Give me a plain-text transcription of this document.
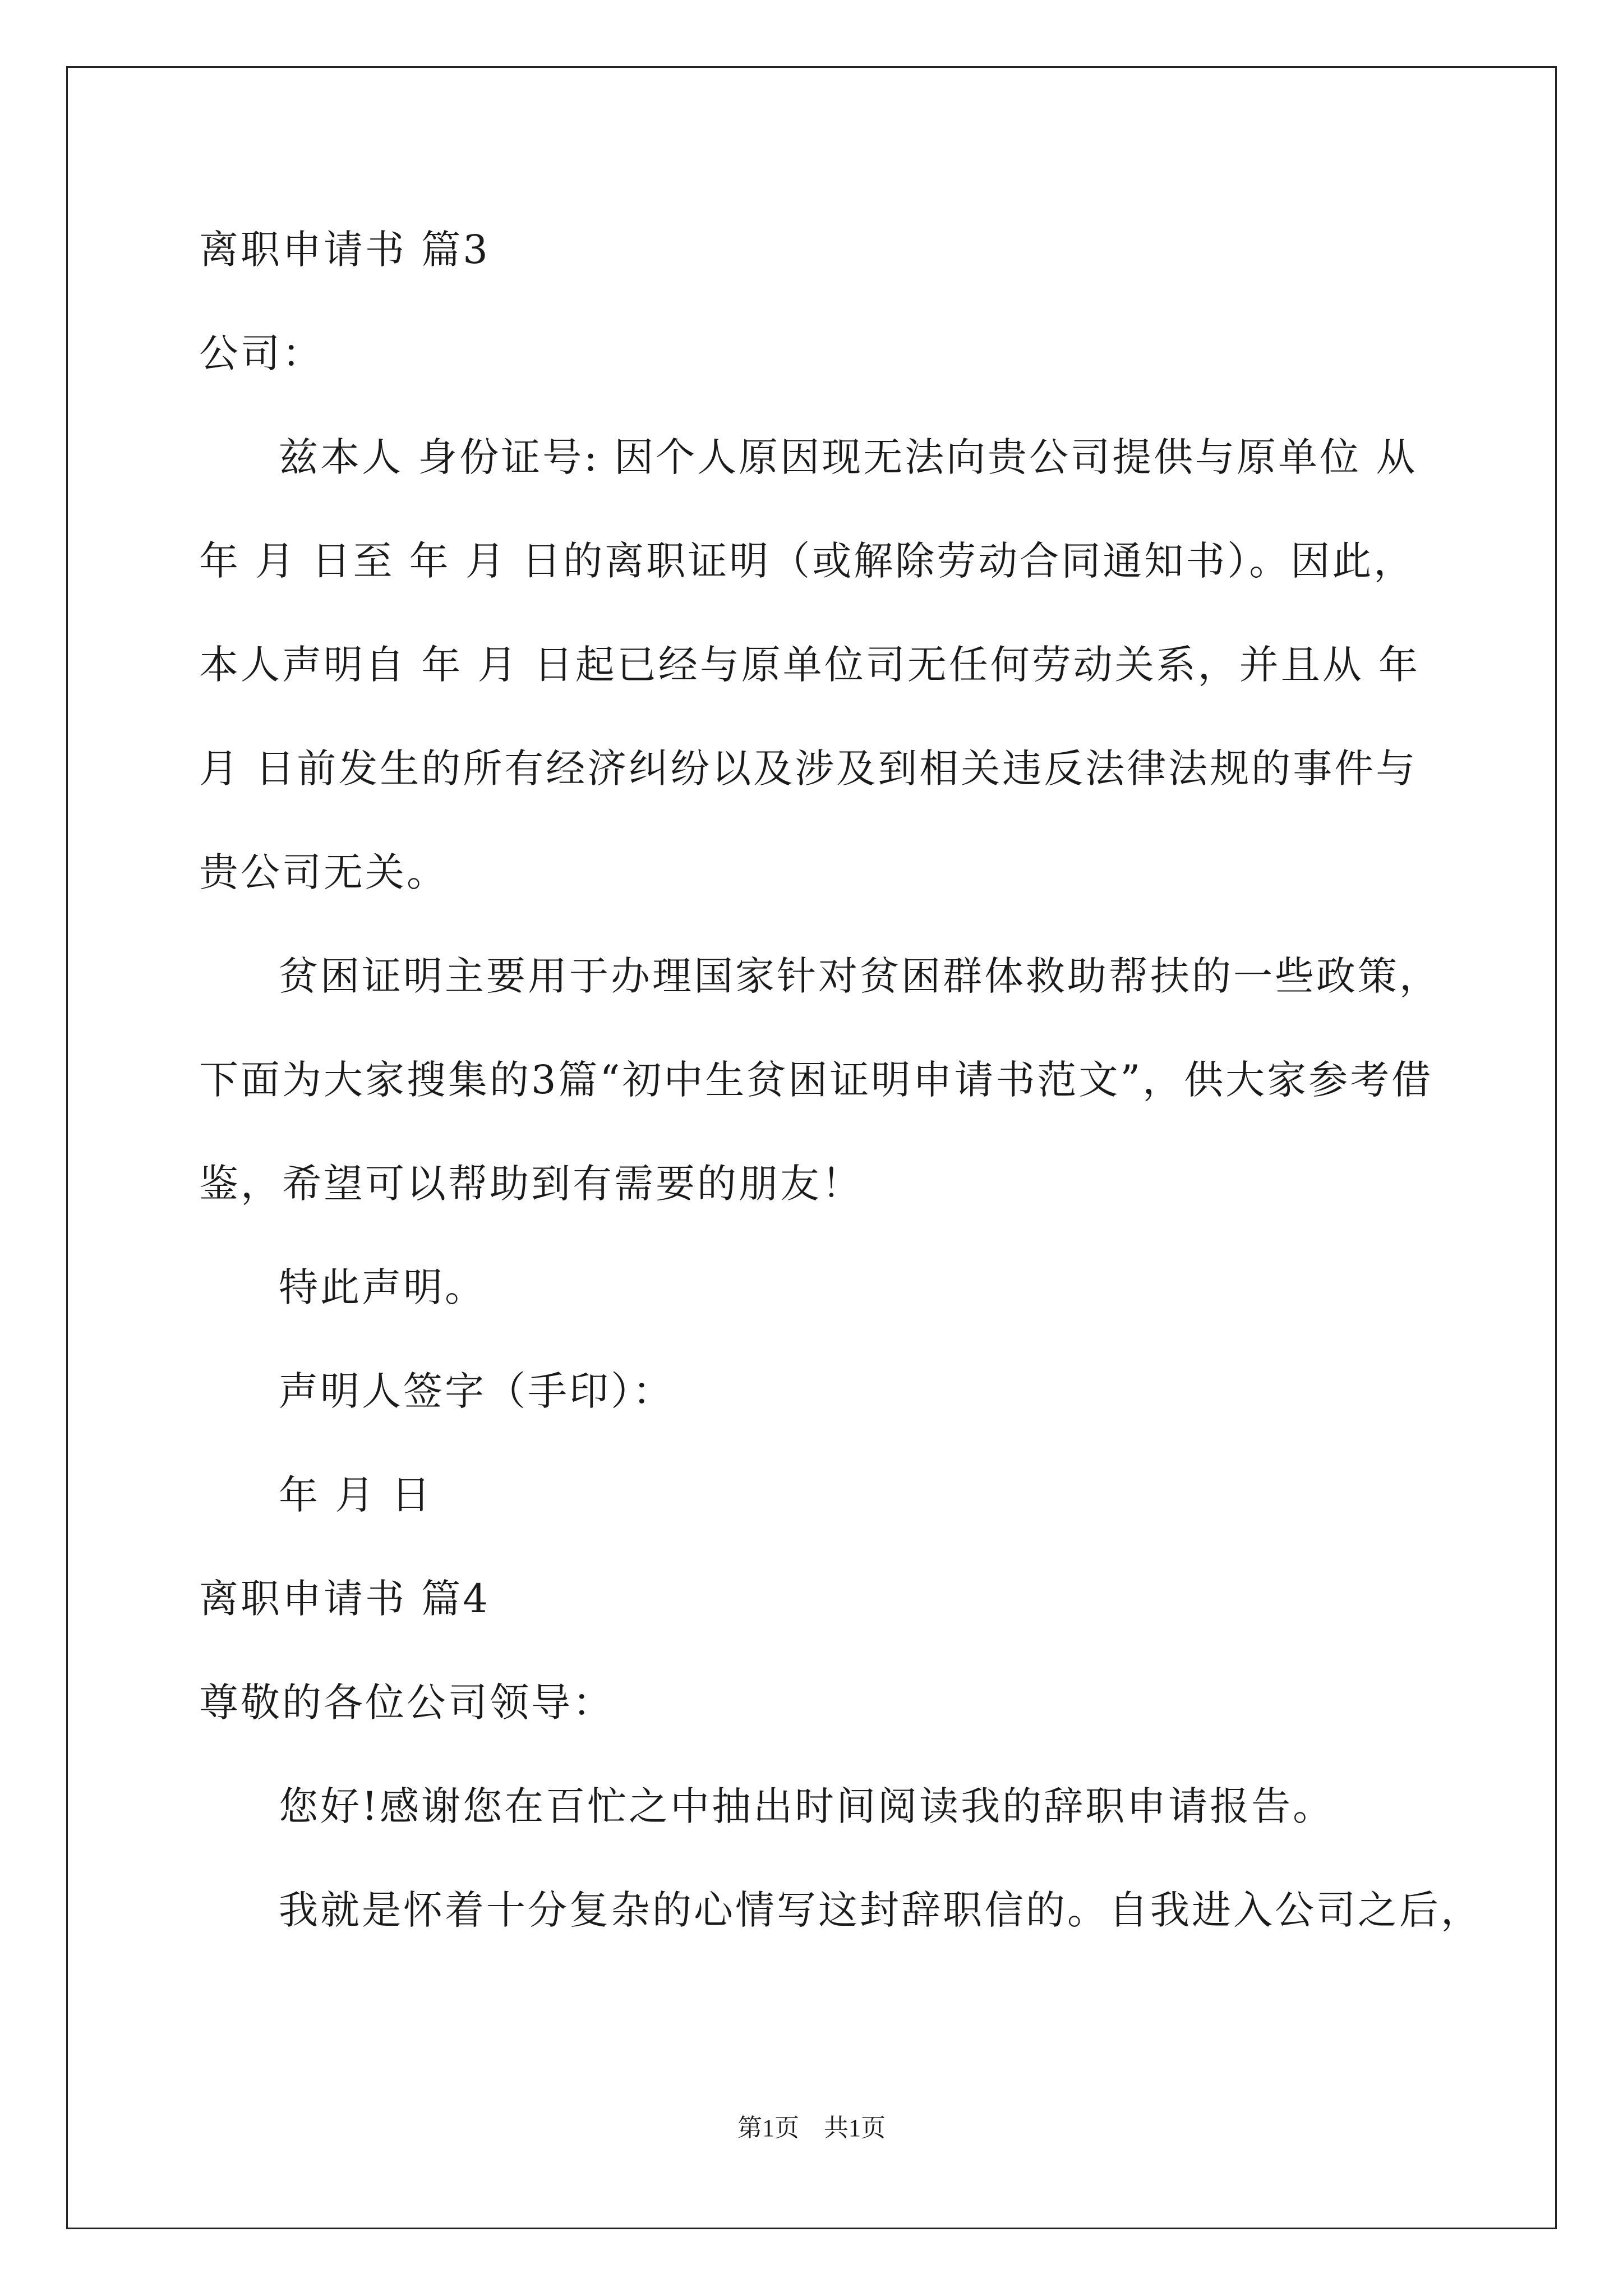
离职申请书 篇3
公司：
兹本人 身份证号: 因个人原因现无法向贵公司提供与原单位 从
年 月 日至 年 月 日的离职证明（或解除劳动合同通知书）。因此，
本人声明自 年 月 日起已经与原单位司无任何劳动关系，并且从 年
月 日前发生的所有经济纠纷以及涉及到相关违反法律法规的事件与
贵公司无关。
贫困证明主要用于办理国家针对贫困群体救助帮扶的一些政策，
下面为大家搜集的3篇“初中生贫困证明申请书范文”，供大家参考借
鉴，希望可以帮助到有需要的朋友！
特此声明。
声明人签字（手印）：
年 月 日
离职申请书 篇4
尊敬的各位公司领导：
您好!感谢您在百忙之中抽出时间阅读我的辞职申请报告。
我就是怀着十分复杂的心情写这封辞职信的。自我进入公司之后，
第1页　共1页
